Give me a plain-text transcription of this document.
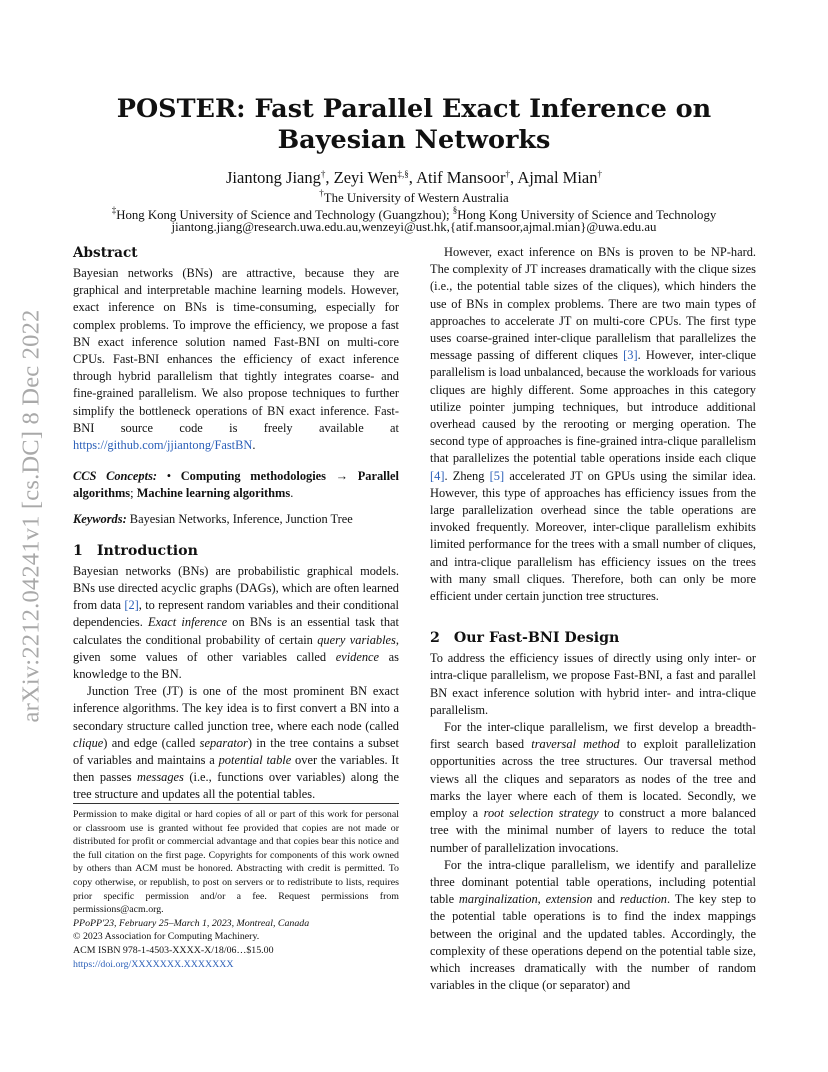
arXiv:2212.04241v1 [cs.DC] 8 Dec 2022
POSTER: Fast Parallel Exact Inference on Bayesian Networks
Jiantong Jiang†, Zeyi Wen‡,§, Atif Mansoor†, Ajmal Mian†
†The University of Western Australia
‡Hong Kong University of Science and Technology (Guangzhou); §Hong Kong University of Science and Technology
jiantong.jiang@research.uwa.edu.au,wenzeyi@ust.hk,{atif.mansoor,ajmal.mian}@uwa.edu.au
Abstract

Bayesian networks (BNs) are attractive, because they are graphical and interpretable machine learning models. However, exact inference on BNs is time-consuming, especially for complex problems. To improve the efficiency, we propose a fast BN exact inference solution named Fast-BNI on multi-core CPUs. Fast-BNI enhances the efficiency of exact inference through hybrid parallelism that tightly integrates coarse- and fine-grained parallelism. We also propose techniques to further simplify the bottleneck operations of BN exact inference. Fast-BNI source code is freely available at https://github.com/jjiantong/FastBN.

CCS Concepts: • Computing methodologies → Parallel algorithms; Machine learning algorithms.

Keywords: Bayesian Networks, Inference, Junction Tree

1 Introduction

Bayesian networks (BNs) are probabilistic graphical models. BNs use directed acyclic graphs (DAGs), which are often learned from data [2], to represent random variables and their conditional dependencies. Exact inference on BNs is an essential task that calculates the conditional probability of certain query variables, given some values of other variables called evidence as knowledge to the BN.

Junction Tree (JT) is one of the most prominent BN exact inference algorithms. The key idea is to first convert a BN into a secondary structure called junction tree, where each node (called clique) and edge (called separator) in the tree contains a subset of variables and maintains a potential table over the variables. It then passes messages (i.e., functions over variables) along the tree structure and updates all the potential tables.

Permission to make digital or hard copies of all or part of this work for personal or classroom use is granted without fee provided that copies are not made or distributed for profit or commercial advantage and that copies bear this notice and the full citation on the first page. Copyrights for components of this work owned by others than ACM must be honored. Abstracting with credit is permitted. To copy otherwise, or republish, to post on servers or to redistribute to lists, requires prior specific permission and/or a fee. Request permissions from permissions@acm.org.

PPoPP'23, February 25–March 1, 2023, Montreal, Canada
© 2023 Association for Computing Machinery.
ACM ISBN 978-1-4503-XXXX-X/18/06…$15.00
https://doi.org/XXXXXXX.XXXXXXX

However, exact inference on BNs is proven to be NP-hard. The complexity of JT increases dramatically with the clique sizes (i.e., the potential table sizes of the cliques), which hinders the use of BNs in complex problems. There are two main types of approaches to accelerate JT on multi-core CPUs. The first type uses coarse-grained inter-clique parallelism that parallelizes the message passing of different cliques [3]. However, inter-clique parallelism is load unbalanced, because the workloads for various cliques are highly different. Some approaches in this category utilize pointer jumping techniques, but introduce additional overhead caused by the rerooting or merging operation. The second type of approaches is fine-grained intra-clique parallelism that parallelizes the potential table operations inside each clique [4]. Zheng [5] accelerated JT on GPUs using the similar idea. However, this type of approaches has efficiency issues from the large parallelization overhead since the table operations are invoked frequently. Moreover, inter-clique parallelism exhibits limited performance for the trees with a small number of cliques, and intra-clique parallelism has efficiency issues on the trees with many small cliques. Therefore, both can only be more efficient under certain junction tree structures.

2 Our Fast-BNI Design

To address the efficiency issues of directly using only inter- or intra-clique parallelism, we propose Fast-BNI, a fast and parallel BN exact inference solution with hybrid inter- and intra-clique parallelism.

For the inter-clique parallelism, we first develop a breadth-first search based traversal method to exploit parallelization opportunities across the tree structures. Our traversal method views all the cliques and separators as nodes of the tree and marks the layer where each of them is located. Secondly, we employ a root selection strategy to construct a more balanced tree with the minimal number of layers to reduce the total number of parallelization invocations.

For the intra-clique parallelism, we identify and parallelize three dominant potential table operations, including potential table marginalization, extension and reduction. The key step to the potential table operations is to find the index mappings between the original and the updated tables. Accordingly, the complexity of these operations depend on the potential table size, which increases dramatically with the number of random variables in the clique (or separator) and
